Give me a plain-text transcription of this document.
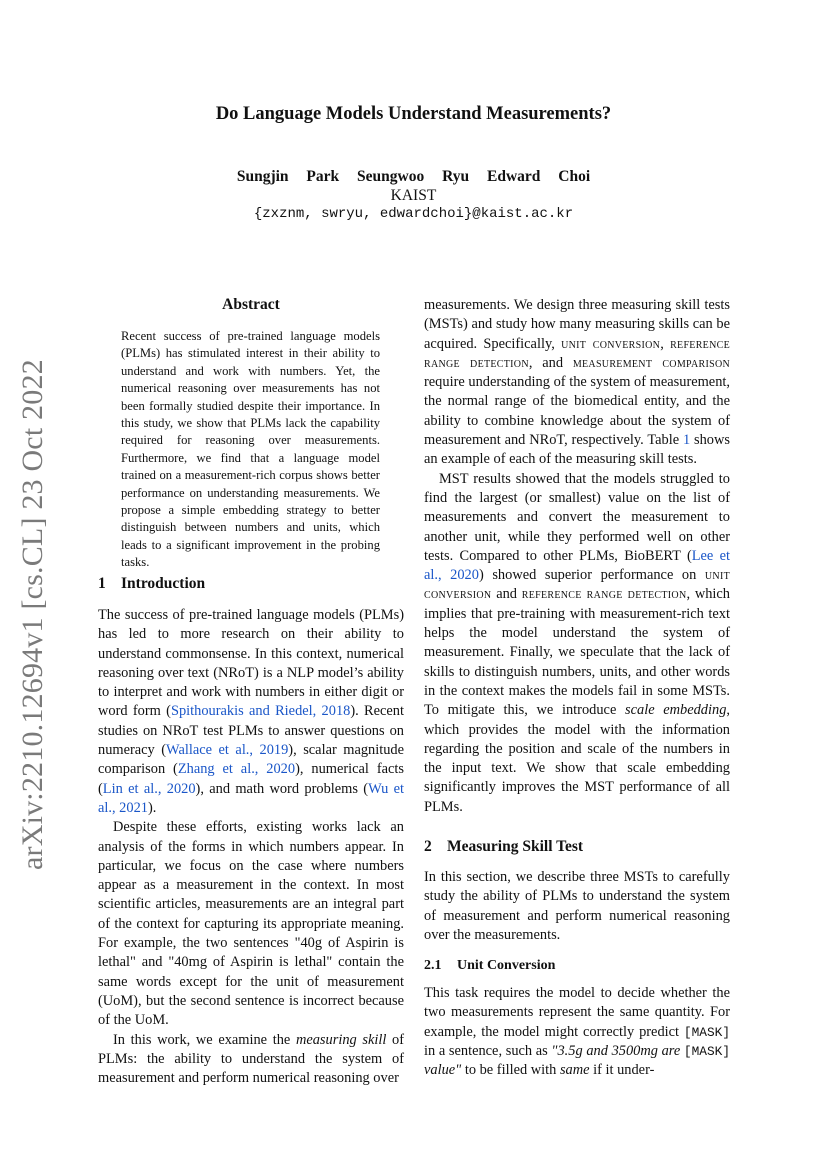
arXiv:2210.12694v1 [cs.CL] 23 Oct 2022
Do Language Models Understand Measurements?
Sungjin Park Seungwoo Ryu Edward Choi
KAIST
{zxznm, swryu, edwardchoi}@kaist.ac.kr
Abstract

Recent success of pre-trained language models (PLMs) has stimulated interest in their ability to understand and work with numbers. Yet, the numerical reasoning over measurements has not been formally studied despite their importance. In this study, we show that PLMs lack the capability required for reasoning over measurements. Furthermore, we find that a language model trained on a measurement-rich corpus shows better performance on understanding measurements. We propose a simple embedding strategy to better distinguish between numbers and units, which leads to a significant improvement in the probing tasks.

1 Introduction

The success of pre-trained language models (PLMs) has led to more research on their ability to understand commonsense. In this context, numerical reasoning over text (NRoT) is a NLP model’s ability to interpret and work with numbers in either digit or word form (Spithourakis and Riedel, 2018). Recent studies on NRoT test PLMs to answer questions on numeracy (Wallace et al., 2019), scalar magnitude comparison (Zhang et al., 2020), numerical facts (Lin et al., 2020), and math word problems (Wu et al., 2021).

Despite these efforts, existing works lack an analysis of the forms in which numbers appear. In particular, we focus on the case where numbers appear as a measurement in the context. In most scientific articles, measurements are an integral part of the context for capturing its appropriate meaning. For example, the two sentences "40g of Aspirin is lethal" and "40mg of Aspirin is lethal" contain the same words except for the unit of measurement (UoM), but the second sentence is incorrect because of the UoM.

In this work, we examine the measuring skill of PLMs: the ability to understand the system of measurement and perform numerical reasoning over

measurements. We design three measuring skill tests (MSTs) and study how many measuring skills can be acquired. Specifically, unit conversion, reference range detection, and measurement comparison require understanding of the system of measurement, the normal range of the biomedical entity, and the ability to combine knowledge about the system of measurement and NRoT, respectively. Table 1 shows an example of each of the measuring skill tests.

MST results showed that the models struggled to find the largest (or smallest) value on the list of measurements and convert the measurement to another unit, while they performed well on other tests. Compared to other PLMs, BioBERT (Lee et al., 2020) showed superior performance on unit conversion and reference range detection, which implies that pre-training with measurement-rich text helps the model understand the system of measurement. Finally, we speculate that the lack of skills to distinguish numbers, units, and other words in the context makes the models fail in some MSTs. To mitigate this, we introduce scale embedding, which provides the model with the information regarding the position and scale of the numbers in the input text. We show that scale embedding significantly improves the MST performance of all PLMs.

2 Measuring Skill Test

In this section, we describe three MSTs to carefully study the ability of PLMs to understand the system of measurement and perform numerical reasoning over the measurements.

2.1 Unit Conversion

This task requires the model to decide whether the two measurements represent the same quantity. For example, the model might correctly predict [MASK] in a sentence, such as "3.5g and 3500mg are [MASK] value" to be filled with same if it under-
